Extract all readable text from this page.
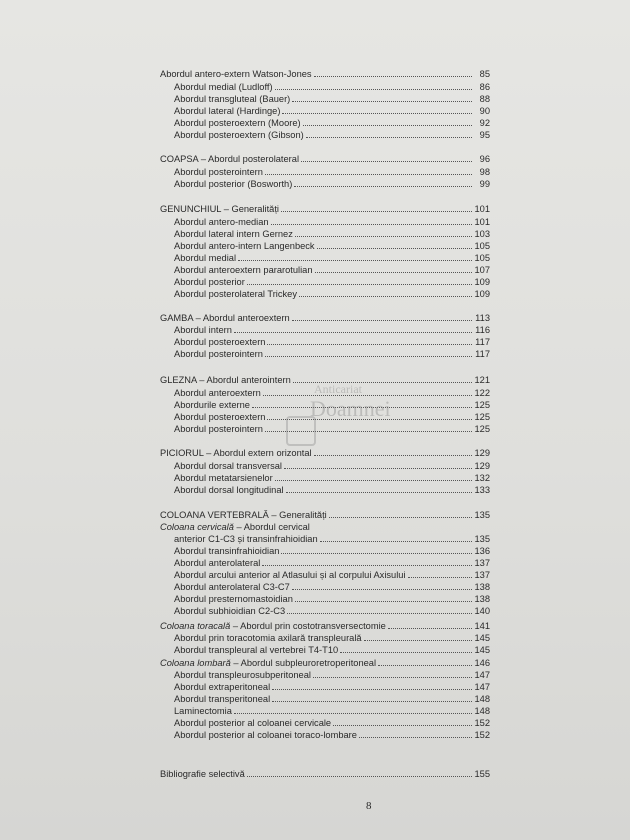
Abordul antero-extern Watson-Jones	85
Abordul medial (Ludloff)	86
Abordul transgluteal (Bauer)	88
Abordul lateral (Hardinge)	90
Abordul posteroextern (Moore)	92
Abordul posteroextern (Gibson)	95
COAPSA – Abordul posterolateral	96
Abordul posterointern	98
Abordul posterior (Bosworth)	99
GENUNCHIUL – Generalități	101
Abordul antero-median	101
Abordul lateral intern Gernez	103
Abordul antero-intern Langenbeck	105
Abordul medial	105
Abordul anteroextern pararotulian	107
Abordul posterior	109
Abordul posterolateral Trickey	109
GAMBA – Abordul anteroextern	113
Abordul intern	116
Abordul posteroextern	117
Abordul posterointern	117
GLEZNA – Abordul anterointern	121
Abordul anteroextern	122
Abordurile externe	125
Abordul posteroextern	125
Abordul posterointern	125
PICIORUL – Abordul extern orizontal	129
Abordul dorsal transversal	129
Abordul metatarsienelor	132
Abordul dorsal longitudinal	133
COLOANA VERTEBRALĂ – Generalități	135
Coloana cervicală – Abordul cervical
anterior C1-C3 și transinfrahioidian	135
Abordul transinfrahioidian	136
Abordul anterolateral	137
Abordul arcului anterior al Atlasului și al corpului Axisului	137
Abordul anterolateral C3-C7	138
Abordul presternomastoidian	138
Abordul subhioidian C2-C3	140
Coloana toracală – Abordul prin costotransversectomie	141
Abordul prin toracotomia axilară transpleurală	145
Abordul transpleural al vertebrei T4-T10	145
Coloana lombară – Abordul subpleuroretroperitoneal	146
Abordul transpleurosubperitoneal	147
Abordul extraperitoneal	147
Abordul transperitoneal	148
Laminectomia	148
Abordul posterior al coloanei cervicale	152
Abordul posterior al coloanei toraco-lombare	152
Bibliografie selectivă	155
Anticariat
Doamnei
8
